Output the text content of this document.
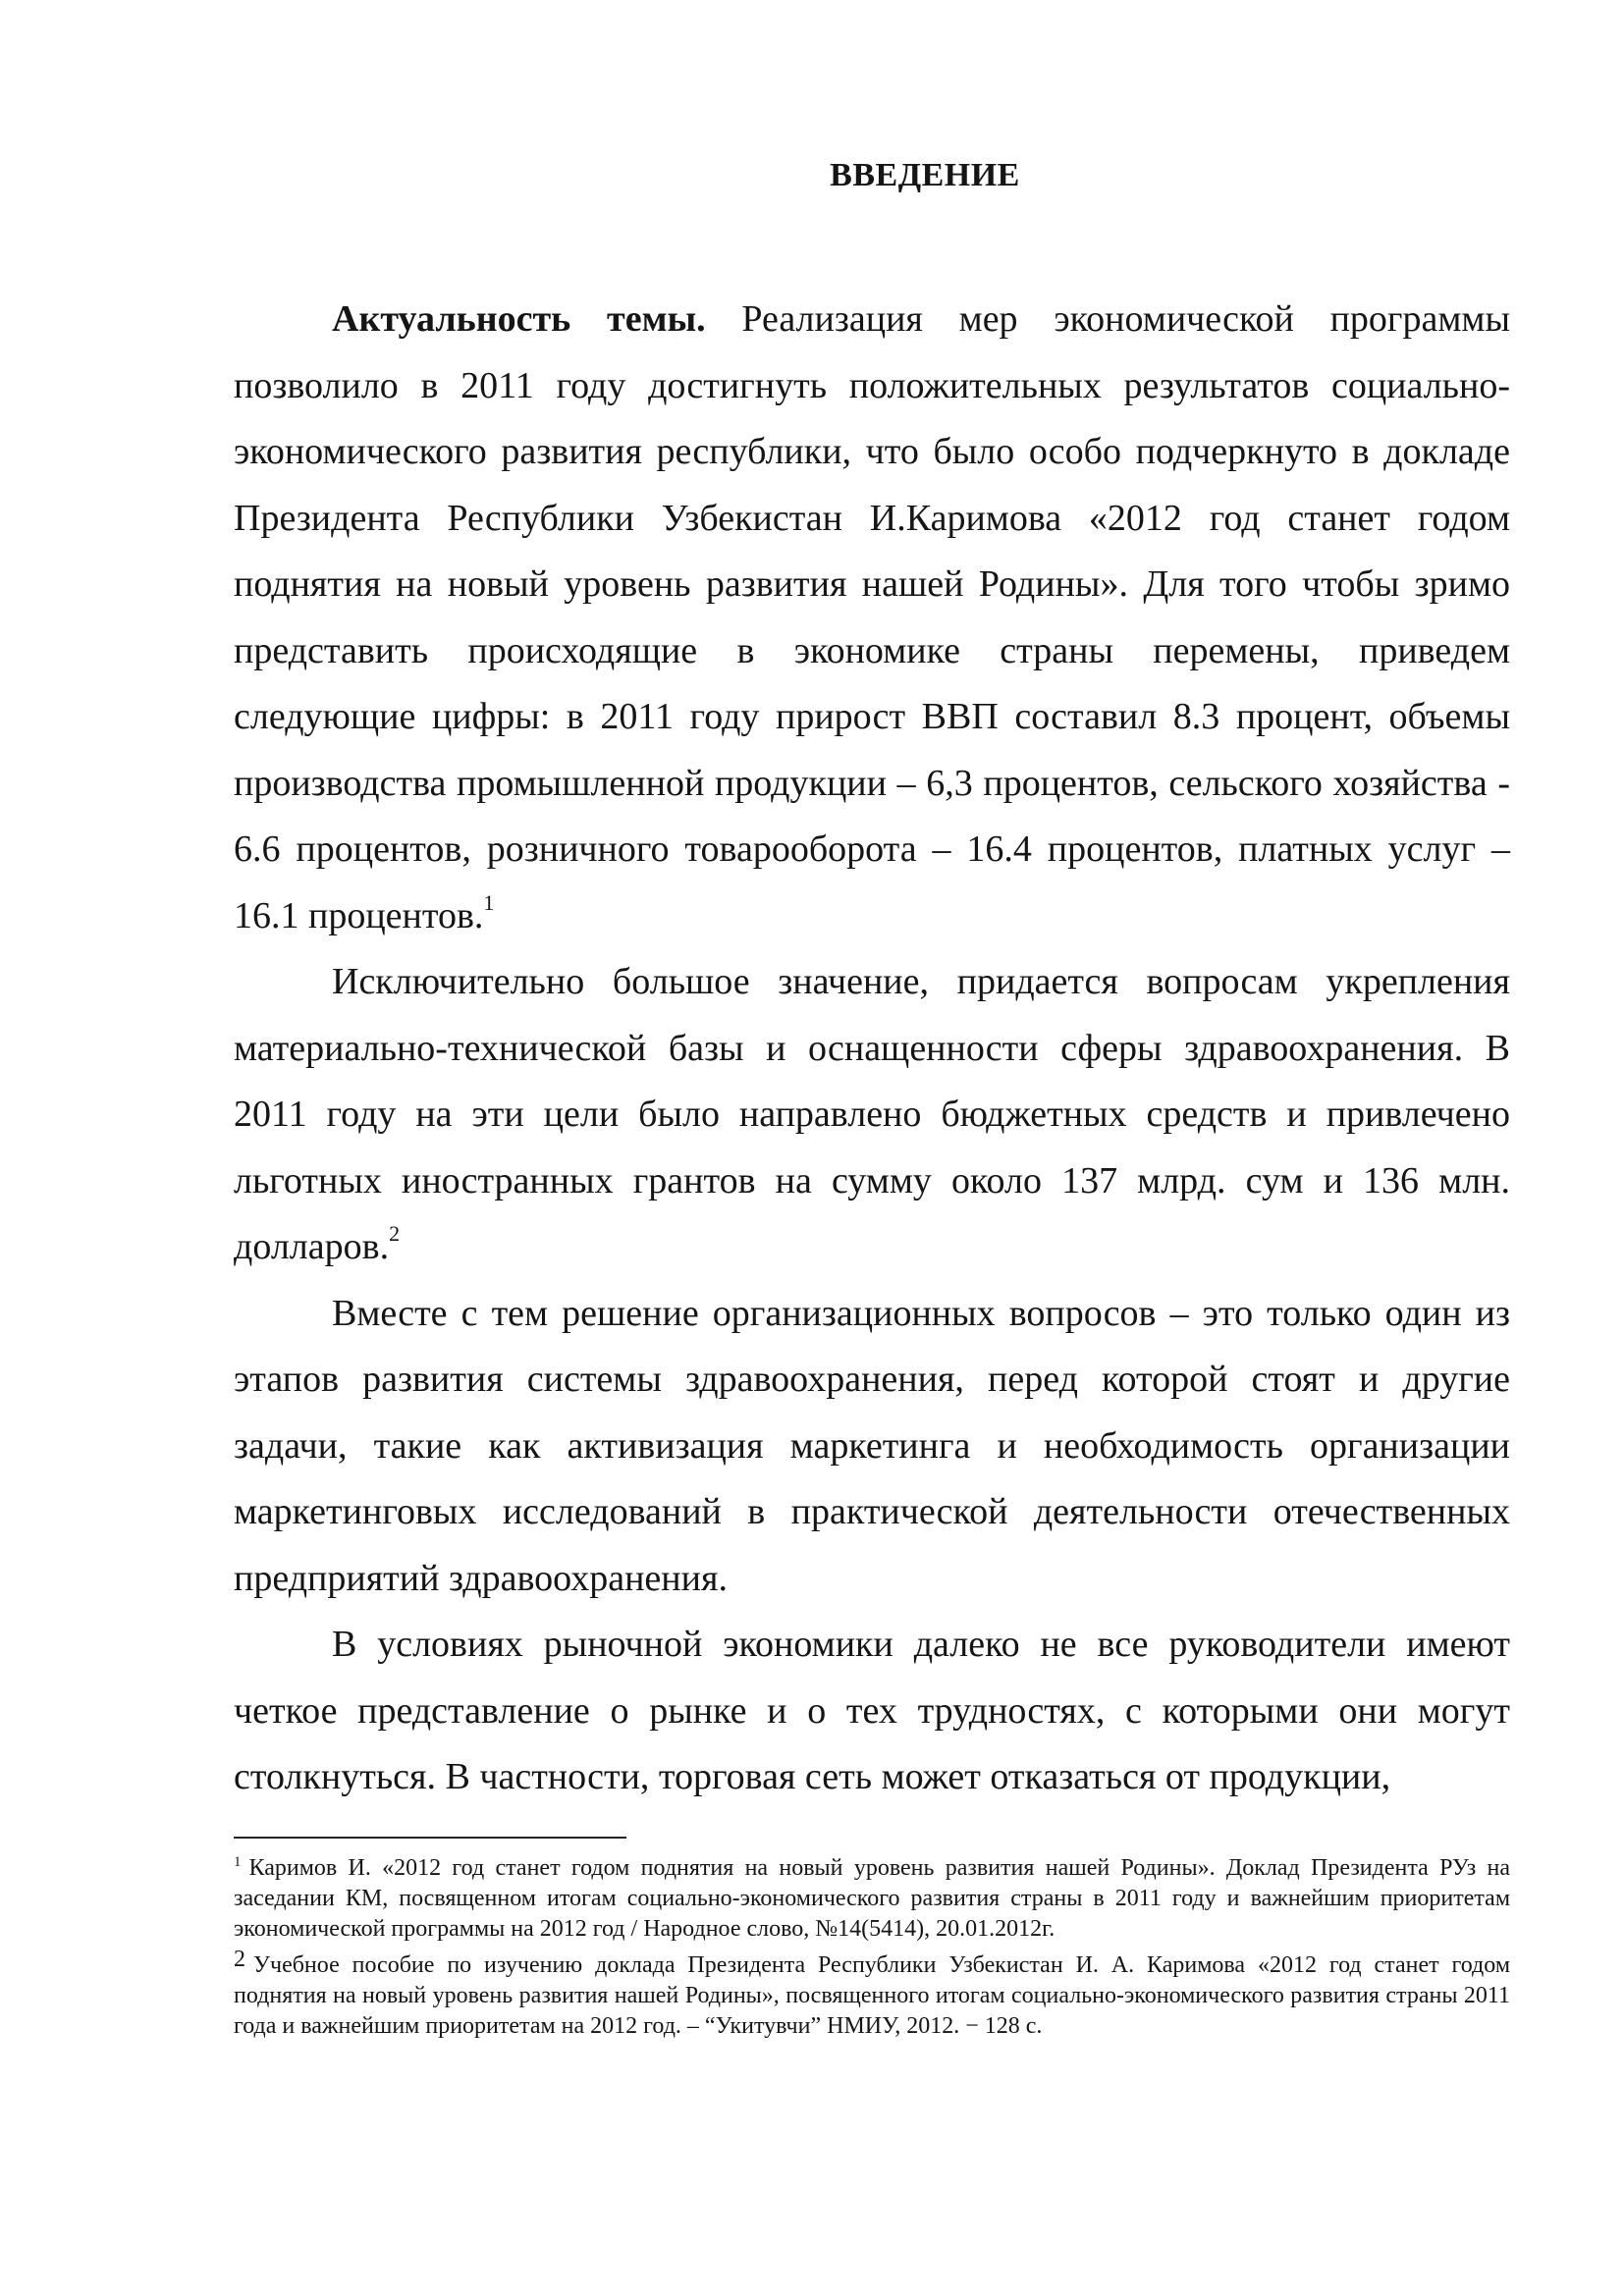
ВВЕДЕНИЕ

Актуальность темы. Реализация мер экономической программы позволило в 2011 году достигнуть положительных результатов социально-экономического развития республики, что было особо подчеркнуто в докладе Президента Республики Узбекистан И.Каримова «2012 год станет годом поднятия на новый уровень развития нашей Родины». Для того чтобы зримо представить происходящие в экономике страны перемены, приведем следующие цифры: в 2011 году прирост ВВП составил 8.3 процент, объемы производства промышленной продукции – 6,3 процентов, сельского хозяйства - 6.6 процентов, розничного товарооборота – 16.4 процентов, платных услуг – 16.1 процентов.$^1$

Исключительно большое значение, придается вопросам укрепления материально-технической базы и оснащенности сферы здравоохранения. В 2011 году на эти цели было направлено бюджетных средств и привлечено льготных иностранных грантов на сумму около 137 млрд. сум и 136 млн. долларов.$^2$

Вместе с тем решение организационных вопросов – это только один из этапов развития системы здравоохранения, перед которой стоят и другие задачи, такие как активизация маркетинга и необходимость организации маркетинговых исследований в практической деятельности отечественных предприятий здравоохранения.

В условиях рыночной экономики далеко не все руководители имеют четкое представление о рынке и о тех трудностях, с которыми они могут столкнуться. В частности, торговая сеть может отказаться от продукции,

$^1$ Каримов И. «2012 год станет годом поднятия на новый уровень развития нашей Родины». Доклад Президента РУз на заседании КМ, посвященном итогам социально-экономического развития страны в 2011 году и важнейшим приоритетам экономической программы на 2012 год / Народное слово, №14(5414), 20.01.2012г.

$^2$ Учебное пособие по изучению доклада Президента Республики Узбекистан И. А. Каримова «2012 год станет годом поднятия на новый уровень развития нашей Родины», посвященного итогам социально-экономического развития страны 2011 года и важнейшим приоритетам на 2012 год. – “Укитувчи” НМИУ, 2012. − 128 с.
